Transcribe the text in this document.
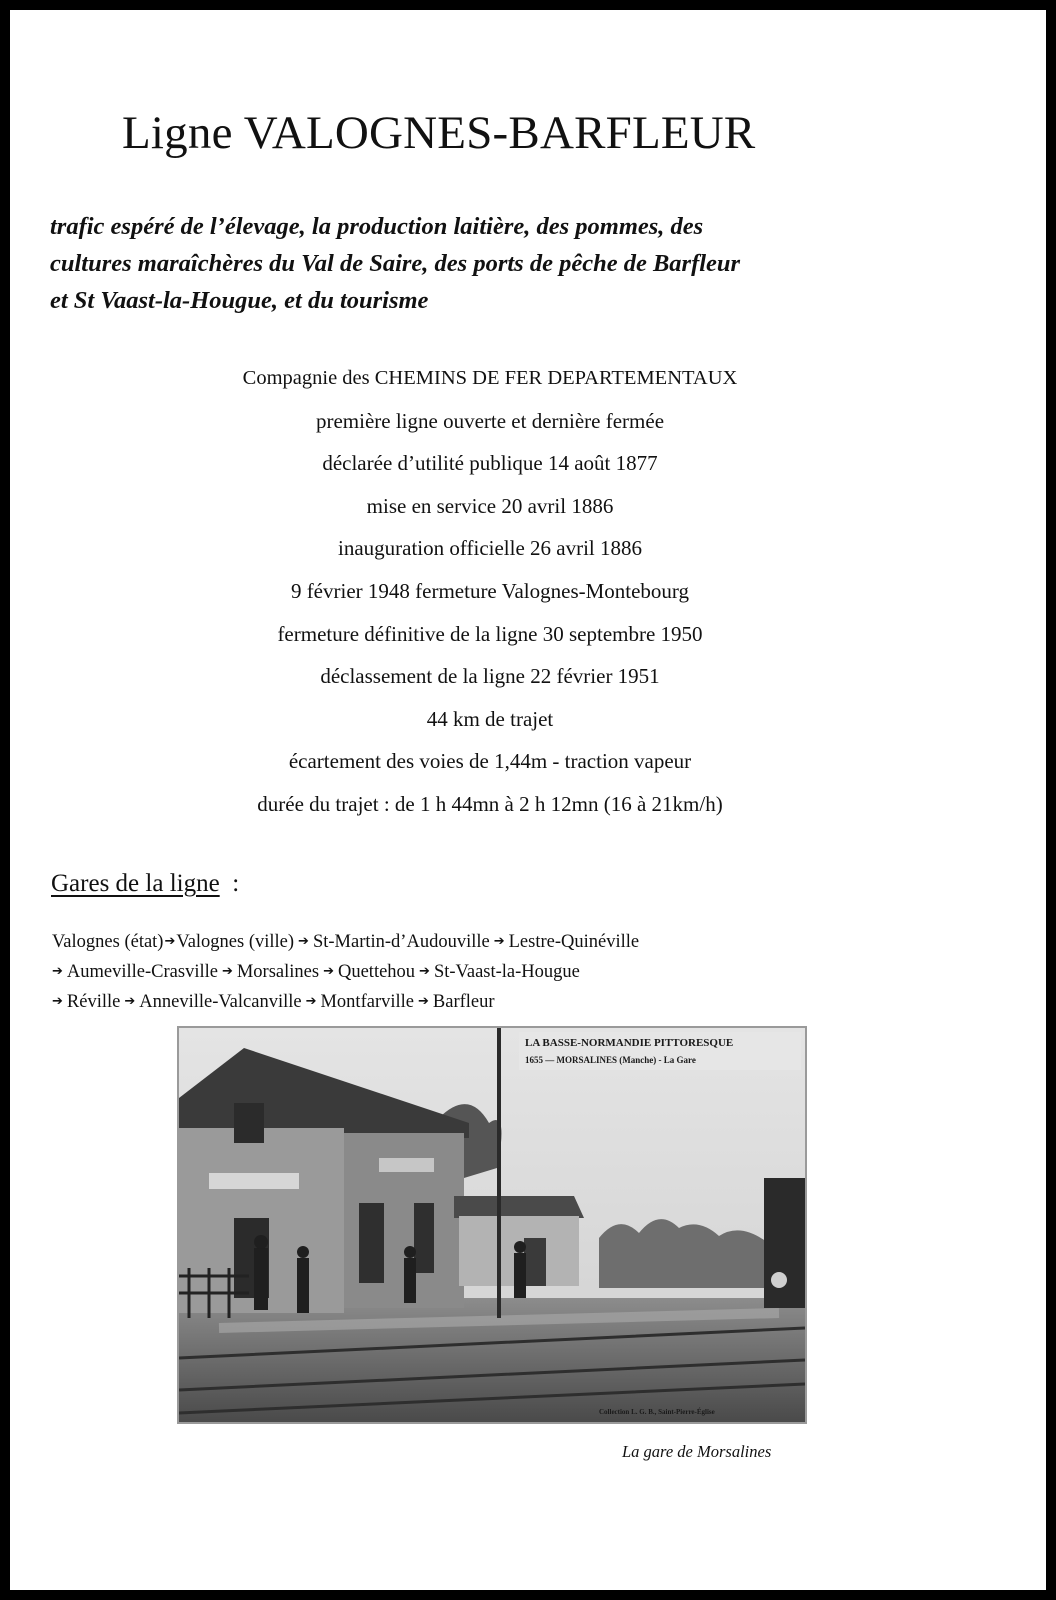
Ligne VALOGNES-BARFLEUR

trafic espéré de l’élevage, la production laitière, des pommes, des
cultures maraîchères du Val de Saire, des ports de pêche de Barfleur
et St Vaast-la-Hougue, et du tourisme

Compagnie des CHEMINS DE FER DEPARTEMENTAUX
première ligne ouverte et dernière fermée
déclarée d’utilité publique 14 août 1877
mise en service 20 avril 1886
inauguration officielle 26 avril 1886
9 février 1948 fermeture Valognes-Montebourg
fermeture définitive de la ligne 30 septembre 1950
déclassement de la ligne 22 février 1951
44 km de trajet
écartement des voies de 1,44m - traction vapeur
durée du trajet : de 1 h 44mn à 2 h 12mn (16 à 21km/h)
Gares de la ligne :
Valognes (état)➔Valognes (ville) ➔ St-Martin-d’Audouville ➔ Lestre-Quinéville
➔ Aumeville-Crasville ➔ Morsalines ➔ Quettehou ➔ St-Vaast-la-Hougue
➔ Réville ➔ Anneville-Valcanville ➔ Montfarville ➔ Barfleur
LA BASSE-NORMANDIE PITTORESQUE
1655 — MORSALINES (Manche) - La Gare
Collection L. G. B., Saint-Pierre-Église
La gare de Morsalines
